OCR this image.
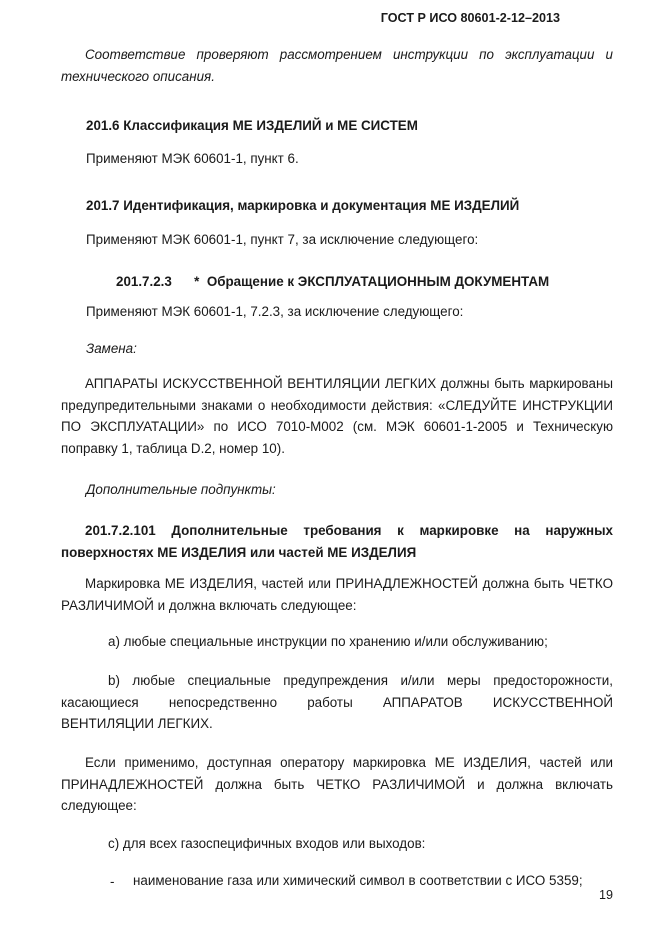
ГОСТ Р ИСО 80601-2-12–2013
Соответствие проверяют рассмотрением инструкции по эксплуатации и
технического описания.
201.6 Классификация МЕ ИЗДЕЛИЙ и МЕ СИСТЕМ
Применяют МЭК 60601-1, пункт 6.
201.7 Идентификация, маркировка и документация МЕ ИЗДЕЛИЙ
Применяют МЭК 60601-1, пункт 7, за исключение следующего:
201.7.2.3      *  Обращение к ЭКСПЛУАТАЦИОННЫМ ДОКУМЕНТАМ
Применяют МЭК 60601-1, 7.2.3, за исключение следующего:
Замена:
АППАРАТЫ ИСКУССТВЕННОЙ ВЕНТИЛЯЦИИ ЛЕГКИХ должны быть маркированы
предупредительными знаками о необходимости действия: «СЛЕДУЙТЕ ИНСТРУКЦИИ
ПО ЭКСПЛУАТАЦИИ» по ИСО 7010-М002 (см. МЭК 60601-1-2005 и Техническую
поправку 1, таблица D.2, номер 10).
Дополнительные подпункты:
201.7.2.101 Дополнительные требования к маркировке на наружных
поверхностях МЕ ИЗДЕЛИЯ или частей МЕ ИЗДЕЛИЯ
Маркировка МЕ ИЗДЕЛИЯ, частей или ПРИНАДЛЕЖНОСТЕЙ должна быть ЧЕТКО
РАЗЛИЧИМОЙ и должна включать следующее:
a) любые специальные инструкции по хранению и/или обслуживанию;
b) любые специальные предупреждения и/или меры предосторожности,
касающиеся непосредственно работы АППАРАТОВ ИСКУССТВЕННОЙ
ВЕНТИЛЯЦИИ ЛЕГКИХ.
Если применимо, доступная оператору маркировка МЕ ИЗДЕЛИЯ, частей или
ПРИНАДЛЕЖНОСТЕЙ должна быть ЧЕТКО РАЗЛИЧИМОЙ и должна включать
следующее:
c) для всех газоспецифичных входов или выходов:
- наименование газа или химический символ в соответствии с ИСО 5359;
19
